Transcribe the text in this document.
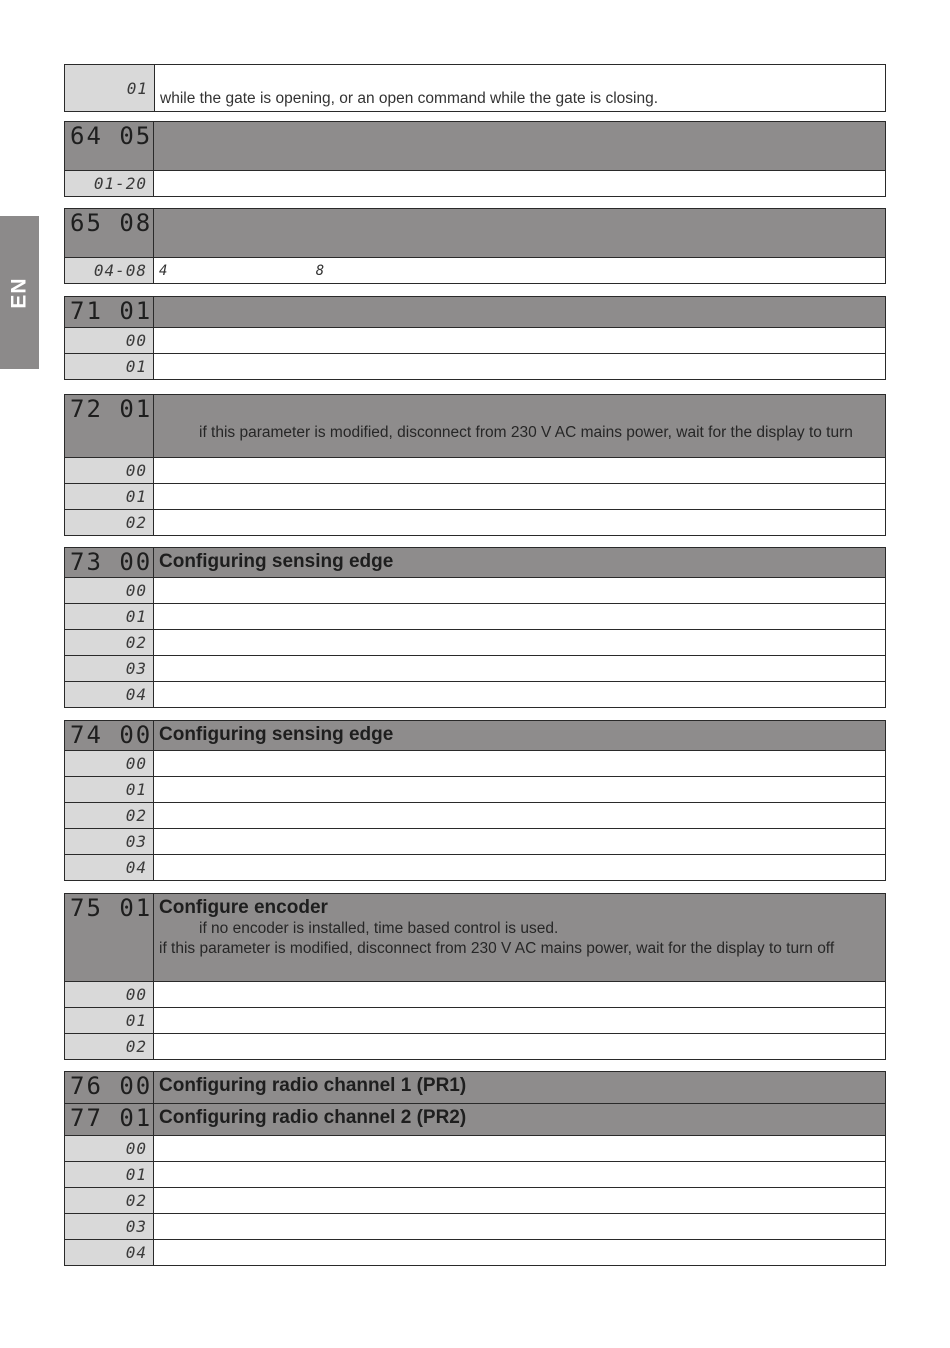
EN
01	while the gate is opening, or an open command while the gate is closing.
64 05	
01-20	
65 08	
04-08	4 8
71 01	
00	
01	
72 01	if this parameter is modified, disconnect from 230 V AC mains power, wait for the display to turn

00	
01	
02	
73 00	Configuring sensing edge
00	
01	
02	
03	
04	
74 00	Configuring sensing edge
00	
01	
02	
03	
04	
75 01	Configure encoder
if no encoder is installed, time based control is used.
if this parameter is modified, disconnect from 230 V AC mains power, wait for the display to turn off

00	
01	
02	
76 00	Configuring radio channel 1 (PR1)
77 01	Configuring radio channel 2 (PR2)
00	
01	
02	
03	
04	
